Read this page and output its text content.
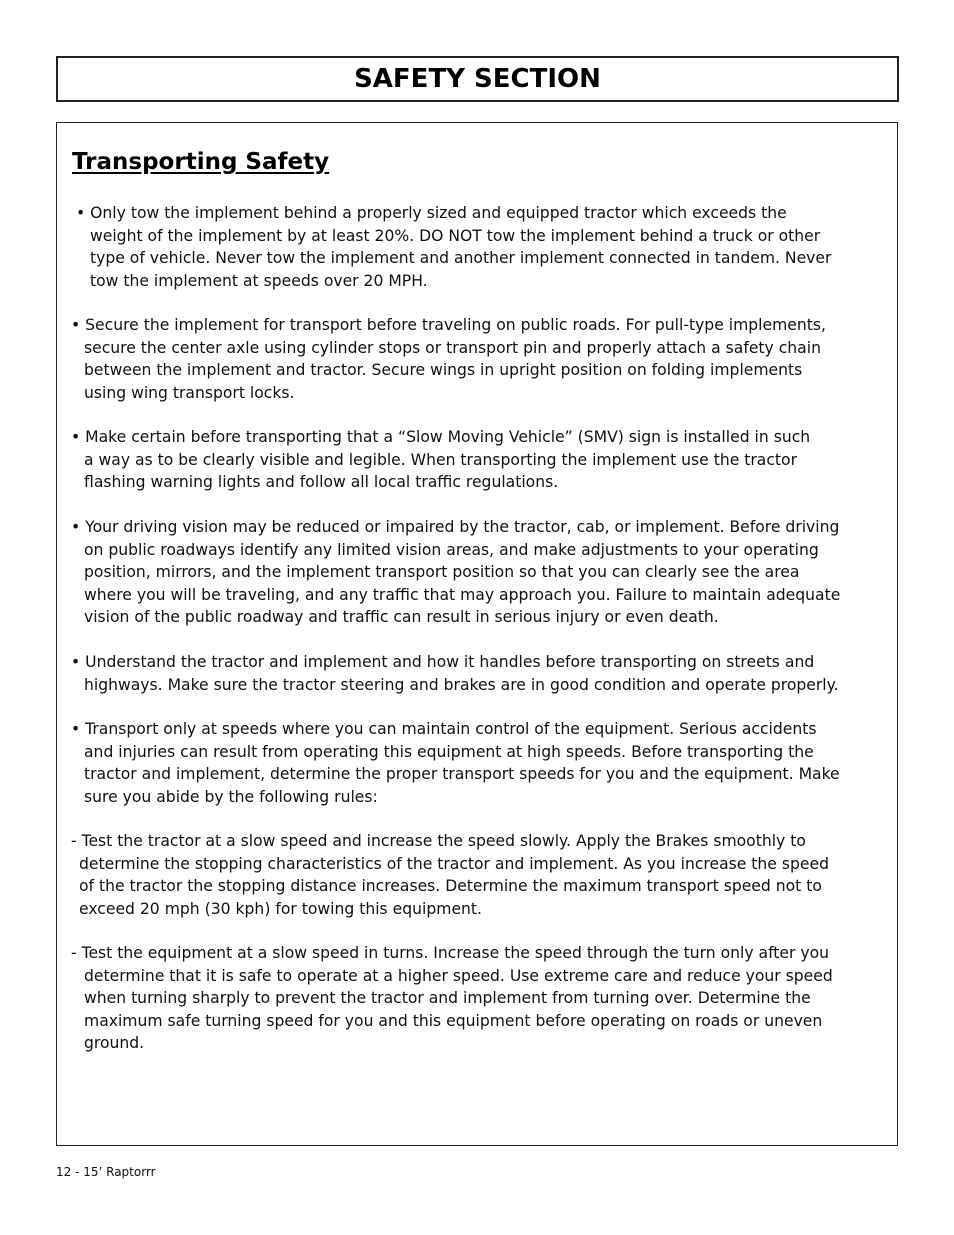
SAFETY SECTION
Transporting Safety

• Only tow the implement behind a properly sized and equipped tractor which exceeds the
weight of the implement by at least 20%. DO NOT tow the implement behind a truck or other
type of vehicle. Never tow the implement and another implement connected in tandem. Never
tow the implement at speeds over 20 MPH.

• Secure the implement for transport before traveling on public roads. For pull-type implements,
secure the center axle using cylinder stops or transport pin and properly attach a safety chain
between the implement and tractor. Secure wings in upright position on folding implements
using wing transport locks.

• Make certain before transporting that a “Slow Moving Vehicle” (SMV) sign is installed in such
a way as to be clearly visible and legible. When transporting the implement use the tractor
flashing warning lights and follow all local traffic regulations.

• Your driving vision may be reduced or impaired by the tractor, cab, or implement. Before driving
on public roadways identify any limited vision areas, and make adjustments to your operating
position, mirrors, and the implement transport position so that you can clearly see the area
where you will be traveling, and any traffic that may approach you. Failure to maintain adequate
vision of the public roadway and traffic can result in serious injury or even death.

• Understand the tractor and implement and how it handles before transporting on streets and
highways. Make sure the tractor steering and brakes are in good condition and operate properly.

• Transport only at speeds where you can maintain control of the equipment. Serious accidents
and injuries can result from operating this equipment at high speeds. Before transporting the
tractor and implement, determine the proper transport speeds for you and the equipment. Make
sure you abide by the following rules:

- Test the tractor at a slow speed and increase the speed slowly. Apply the Brakes smoothly to
determine the stopping characteristics of the tractor and implement. As you increase the speed
of the tractor the stopping distance increases. Determine the maximum transport speed not to
exceed 20 mph (30 kph) for towing this equipment.

- Test the equipment at a slow speed in turns. Increase the speed through the turn only after you
determine that it is safe to operate at a higher speed. Use extreme care and reduce your speed
when turning sharply to prevent the tractor and implement from turning over. Determine the
maximum safe turning speed for you and this equipment before operating on roads or uneven
ground.

12 - 15’ Raptorrr
